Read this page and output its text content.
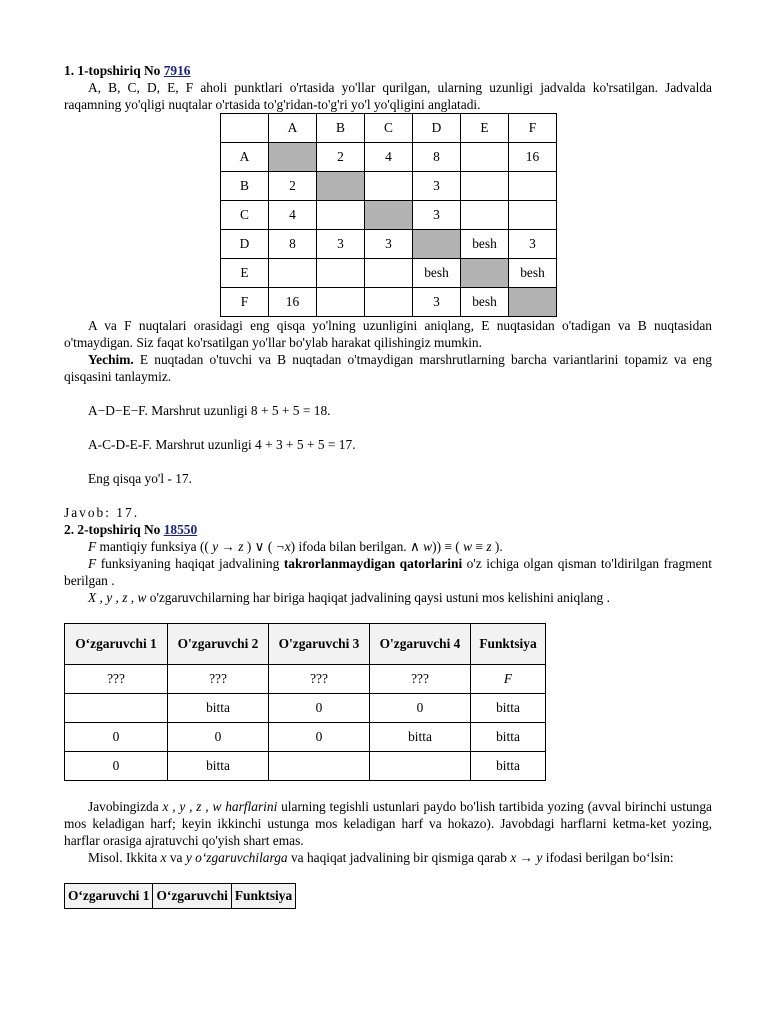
1. 1-topshiriq No 7916

A, B, C, D, E, F aholi punktlari o'rtasida yo'llar qurilgan, ularning uzunligi jadvalda ko'rsatilgan. Jadvalda raqamning yo'qligi nuqtalar o'rtasida to'g'ridan-to'g'ri yo'l yo'qligini anglatadi.

	A	B	C	D	E	F
A		2	4	8		16
B	2			3		
C	4			3		
D	8	3	3		besh	3
E				besh		besh
F	16			3	besh	

A va F nuqtalari orasidagi eng qisqa yo'lning uzunligini aniqlang, E nuqtasidan o'tadigan va B nuqtasidan o'tmaydigan. Siz faqat ko'rsatilgan yo'llar bo'ylab harakat qilishingiz mumkin.

Yechim. E nuqtadan o'tuvchi va B nuqtadan o'tmaydigan marshrutlarning barcha variantlarini topamiz va eng qisqasini tanlaymiz.

A−D−E−F. Marshrut uzunligi 8 + 5 + 5 = 18.

A-C-D-E-F. Marshrut uzunligi 4 + 3 + 5 + 5 = 17.

Eng qisqa yo'l - 17.

Javob: 17.

2. 2-topshiriq No 18550

F mantiqiy funksiya (( y → z ) ∨ ( ¬x) ifoda bilan berilgan. ∧ w)) ≡ ( w ≡ z ).

F funksiyaning haqiqat jadvalining takrorlanmaydigan qatorlarini o'z ichiga olgan qisman to'ldirilgan fragment berilgan .

X , y , z , w o'zgaruvchilarning har biriga haqiqat jadvalining qaysi ustuni mos kelishini aniqlang .

O‘zgaruvchi 1	O'zgaruvchi 2	O'zgaruvchi 3	O'zgaruvchi 4	Funktsiya
???	???	???	???	F
	bitta	0	0	bitta
0	0	0	bitta	bitta
0	bitta			bitta

Javobingizda x , y , z , w harflarini ularning tegishli ustunlari paydo bo'lish tartibida yozing (avval birinchi ustunga mos keladigan harf; keyin ikkinchi ustunga mos keladigan harf va hokazo). Javobdagi harflarni ketma-ket yozing, harflar orasiga ajratuvchi qo'yish shart emas.

Misol. Ikkita x va y o‘zgaruvchilarga va haqiqat jadvalining bir qismiga qarab x → y ifodasi berilgan bo‘lsin:

O‘zgaruvchi 1	O‘zgaruvchi	Funktsiya
